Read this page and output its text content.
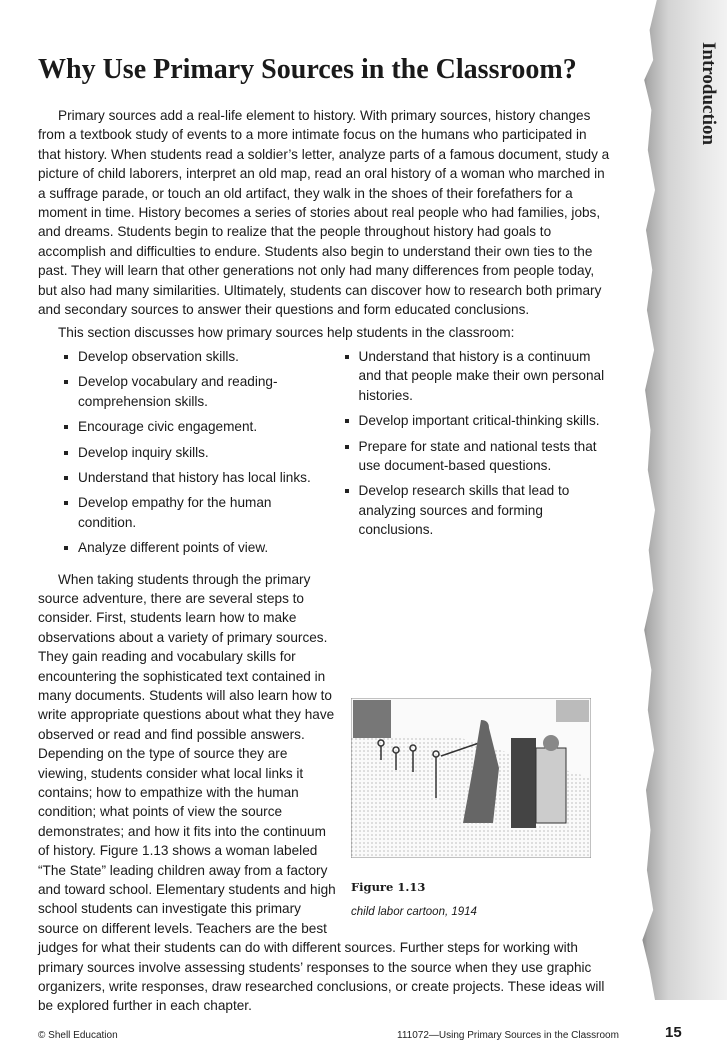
Introduction
Why Use Primary Sources in the Classroom?

Primary sources add a real-life element to history. With primary sources, history changes from a textbook study of events to a more intimate focus on the humans who participated in that history. When students read a soldier’s letter, analyze parts of a famous document, study a picture of child laborers, interpret an old map, read an oral history of a woman who marched in a suffrage parade, or touch an old artifact, they walk in the shoes of their forefathers for a moment in time. History becomes a series of stories about real people who had families, jobs, and dreams. Students begin to realize that the people throughout history had goals to accomplish and difficulties to endure. Students also begin to understand their own ties to the past. They will learn that other generations not only had many differences from people today, but also had many similarities. Ultimately, students can discover how to research both primary and secondary sources to answer their questions and form educated conclusions.

This section discusses how primary sources help students in the classroom:

Develop observation skills.
Develop vocabulary and reading-comprehension skills.
Encourage civic engagement.
Develop inquiry skills.
Understand that history has local links.
Develop empathy for the human condition.
Analyze different points of view.
Understand that history is a continuum and that people make their own personal histories.
Develop important critical-thinking skills.
Prepare for state and national tests that use document-based questions.
Develop research skills that lead to analyzing sources and forming conclusions.
Figure 1.13
child labor cartoon, 1914

When taking students through the primary source adventure, there are several steps to consider. First, students learn how to make observations about a variety of primary sources. They gain reading and vocabulary skills for encountering the sophisticated text contained in many documents. Students will also learn how to write appropriate questions about what they have observed or read and find possible answers. Depending on the type of source they are viewing, students consider what local links it contains; how to empathize with the human condition; what points of view the source demonstrates; and how it fits into the continuum of history. Figure 1.13 shows a woman labeled “The State” leading children away from a factory and toward school. Elementary students and high school students can investigate this primary source on different levels. Teachers are the best judges for what their students can do with different sources. Further steps for working with primary sources involve assessing students’ responses to the source when they use graphic organizers, write responses, draw researched conclusions, or create projects. These ideas will be explored further in each chapter.

© Shell Education	111072—Using Primary Sources in the Classroom	15
